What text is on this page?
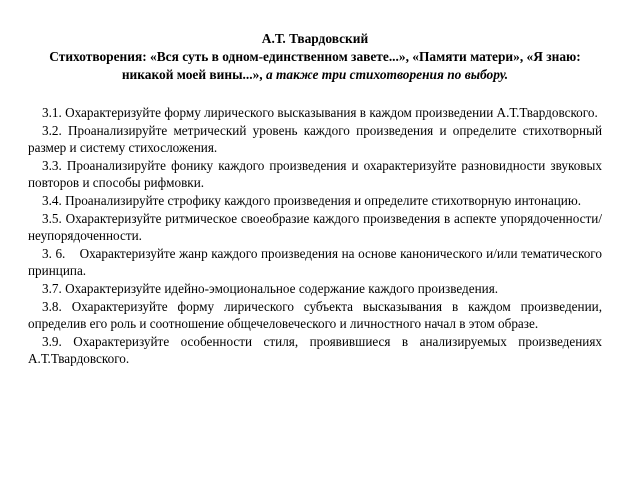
А.Т. Твардовский

Стихотворения: «Вся суть в одном-единственном завете...», «Памяти матери», «Я знаю: никакой моей вины...», а также три стихотворения по выбору.

3.1. Охарактеризуйте форму лирического высказывания в каждом произведении А.Т.Твардовского.

3.2. Проанализируйте метрический уровень каждого произведения и определите стихотворный размер и систему стихосложения.

3.3. Проанализируйте фонику каждого произведения и охарактеризуйте разновидности звуковых повторов и способы рифмовки.

3.4. Проанализируйте строфику каждого произведения и определите стихотворную интонацию.

3.5. Охарактеризуйте ритмическое своеобразие каждого произведения в аспекте упорядоченности/неупорядоченности.

3. 6.    Охарактеризуйте жанр каждого произведения на основе канонического и/или тематического принципа.

3.7. Охарактеризуйте идейно-эмоциональное содержание каждого произведения.

3.8. Охарактеризуйте форму лирического субъекта высказывания в каждом произведении, определив его роль и соотношение общечеловеческого и личностного начал в этом образе.

3.9. Охарактеризуйте особенности стиля, проявившиеся в анализируемых произведениях А.Т.Твардовского.
